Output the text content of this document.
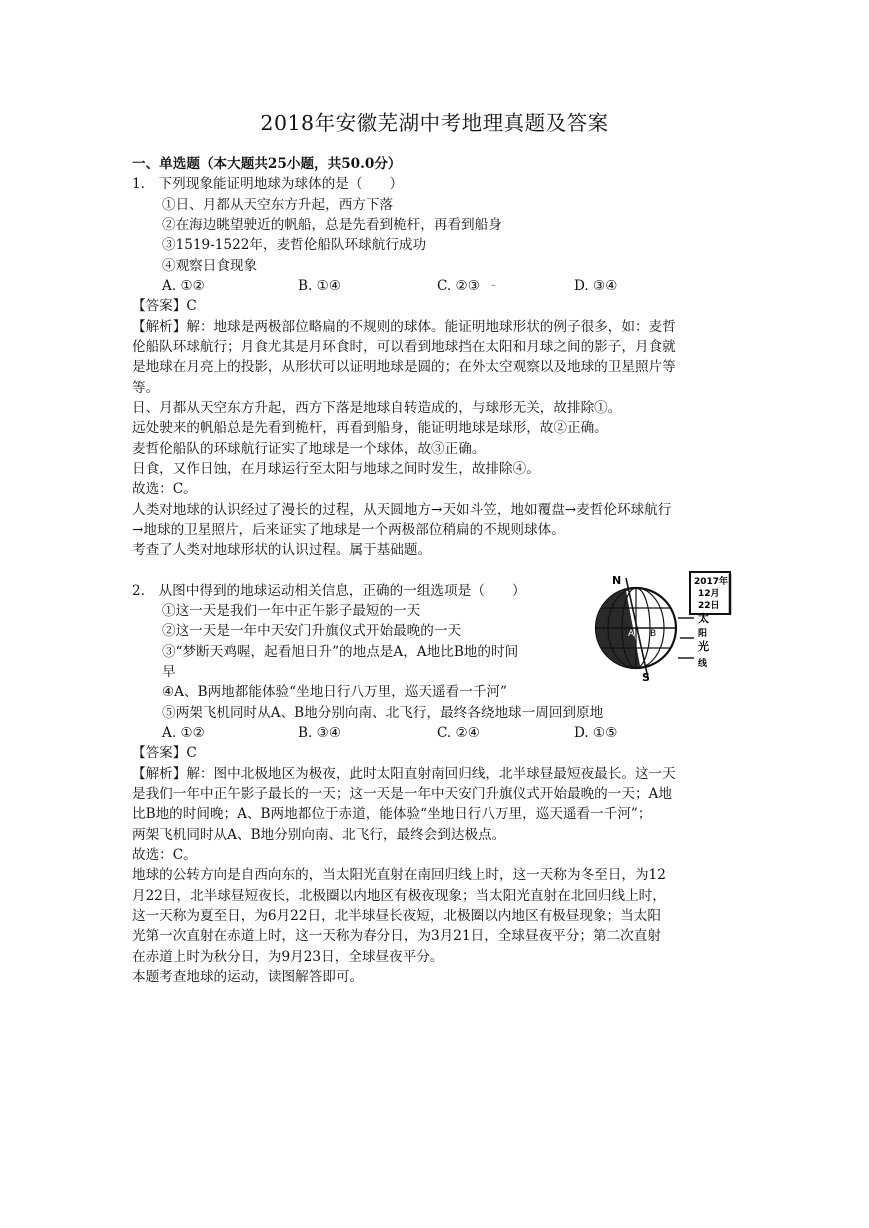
2018年安徽芜湖中考地理真题及答案
一、单选题（本大题共25小题，共50.0分）
1.　下列现象能证明地球为球体的是（　　）
①日、月都从天空东方升起，西方下落
②在海边眺望驶近的帆船，总是先看到桅杆，再看到船身
③1519-1522年，麦哲伦船队环球航行成功
④观察日食现象
A. ①②	B. ①④	C. ②③ -	D. ③④
【答案】C
【解析】解：地球是两极部位略扁的不规则的球体。能证明地球形状的例子很多，如：麦哲
伦船队环球航行；月食尤其是月环食时，可以看到地球挡在太阳和月球之间的影子，月食就
是地球在月亮上的投影，从形状可以证明地球是圆的；在外太空观察以及地球的卫星照片等
等。
日、月都从天空东方升起，西方下落是地球自转造成的，与球形无关，故排除①。
远处驶来的帆船总是先看到桅杆，再看到船身，能证明地球是球形，故②正确。
麦哲伦船队的环球航行证实了地球是一个球体，故③正确。
日食，又作日蚀，在月球运行至太阳与地球之间时发生，故排除④。
故选：C。
人类对地球的认识经过了漫长的过程，从天圆地方→天如斗笠，地如覆盘→麦哲伦环球航行
→地球的卫星照片，后来证实了地球是一个两极部位稍扁的不规则球体。
考查了人类对地球形状的认识过程。属于基础题。
2.　从图中得到的地球运动相关信息，正确的一组选项是（　　）
①这一天是我们一年中正午影子最短的一天
②这一天是一年中天安门升旗仪式开始最晚的一天
③“梦断天鸡喔，起看旭日升”的地点是A，A地比B地的时间
早
④A、B两地都能体验“坐地日行八万里，巡天遥看一千河”
⑤两架飞机同时从A、B地分别向南、北飞行，最终各绕地球一周回到原地
A. ①②	B. ③④	C. ②④	D. ①⑤
【答案】C
【解析】解：图中北极地区为极夜，此时太阳直射南回归线，北半球昼最短夜最长。这一天
是我们一年中正午影子最长的一天；这一天是一年中天安门升旗仪式开始最晚的一天；A地
比B地的时间晚；A、B两地都位于赤道，能体验“坐地日行八万里，巡天遥看一千河”；
两架飞机同时从A、B地分别向南、北飞行，最终会到达极点。
故选：C。
地球的公转方向是自西向东的，当太阳光直射在南回归线上时，这一天称为冬至日，为12
月22日，北半球昼短夜长，北极圈以内地区有极夜现象；当太阳光直射在北回归线上时，
这一天称为夏至日，为6月22日，北半球昼长夜短，北极圈以内地区有极昼现象；当太阳
光第一次直射在赤道上时，这一天称为春分日，为3月21日，全球昼夜平分；第二次直射
在赤道上时为秋分日，为9月23日，全球昼夜平分。
本题考查地球的运动，读图解答即可。
N
S
A B
2017年
12月
22日
太
阳
光
线
